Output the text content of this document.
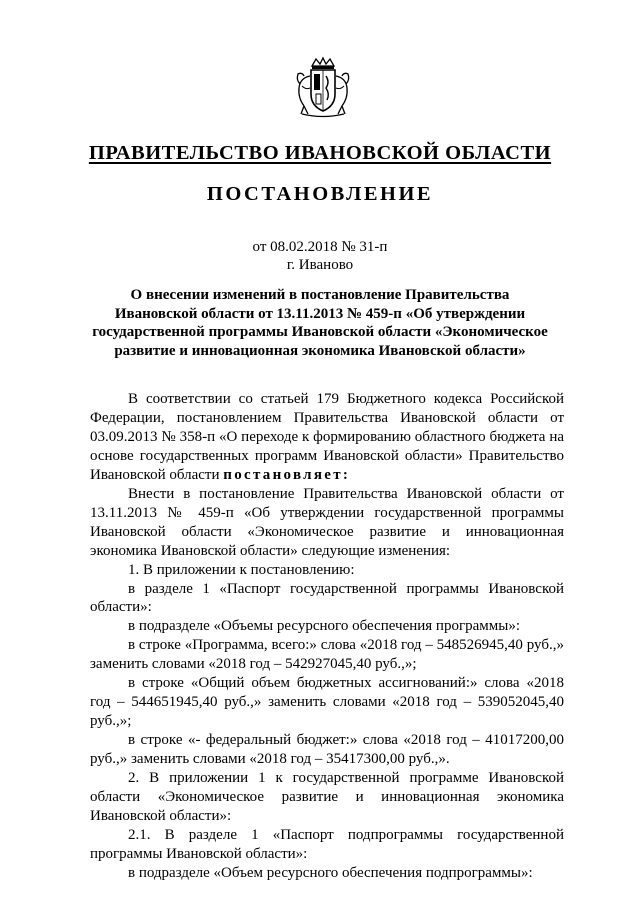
ПРАВИТЕЛЬСТВО ИВАНОВСКОЙ ОБЛАСТИ
ПОСТАНОВЛЕНИЕ
от 08.02.2018 № 31-п
г. Иваново
О внесении изменений в постановление Правительства
Ивановской области от 13.11.2013 № 459-п «Об утверждении
государственной программы Ивановской области «Экономическое
развитие и инновационная экономика Ивановской области»

В соответствии со статьей 179 Бюджетного кодекса Российской Федерации, постановлением Правительства Ивановской области от 03.09.2013 № 358-п «О переходе к формированию областного бюджета на основе государственных программ Ивановской области» Правительство Ивановской области постановляет:

Внести в постановление Правительства Ивановской области от 13.11.2013 № 459-п «Об утверждении государственной программы Ивановской области «Экономическое развитие и инновационная экономика Ивановской области» следующие изменения:

1. В приложении к постановлению:

в разделе 1 «Паспорт государственной программы Ивановской области»:

в подразделе «Объемы ресурсного обеспечения программы»:

в строке «Программа, всего:» слова «2018 год – 548526945,40 руб.,» заменить словами «2018 год – 542927045,40 руб.,»;

в строке «Общий объем бюджетных ассигнований:» слова «2018 год – 544651945,40 руб.,» заменить словами «2018 год – 539052045,40 руб.,»;

в строке «- федеральный бюджет:» слова «2018 год – 41017200,00 руб.,» заменить словами «2018 год – 35417300,00 руб.,».

2. В приложении 1 к государственной программе Ивановской области «Экономическое развитие и инновационная экономика Ивановской области»:

2.1. В разделе 1 «Паспорт подпрограммы государственной программы Ивановской области»:

в подразделе «Объем ресурсного обеспечения подпрограммы»:
